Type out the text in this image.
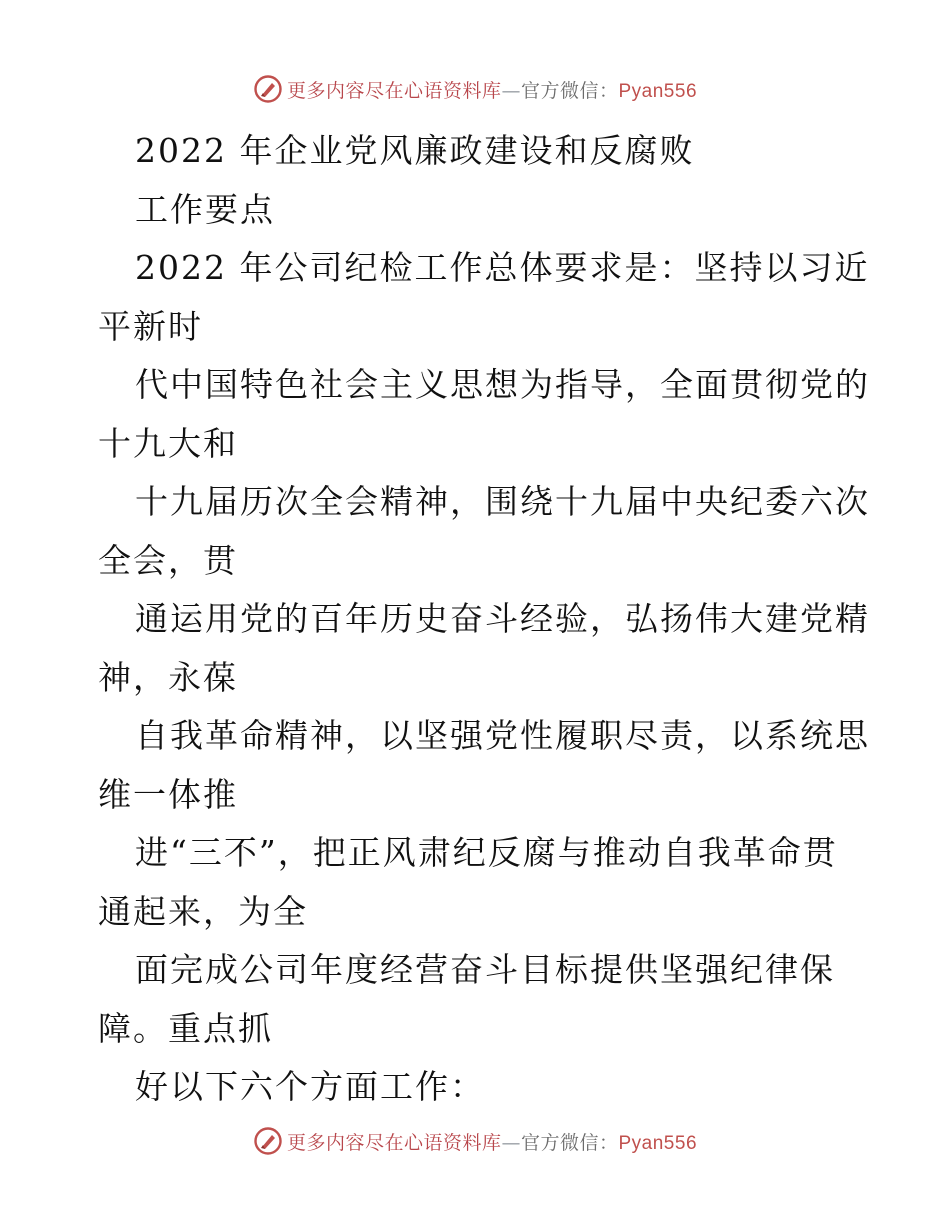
更多内容尽在心语资料库—官方微信：Pyan556
2022 年企业党风廉政建设和反腐败
工作要点
2022 年公司纪检工作总体要求是：坚持以习近
平新时
代中国特色社会主义思想为指导，全面贯彻党的
十九大和
十九届历次全会精神，围绕十九届中央纪委六次
全会，贯
通运用党的百年历史奋斗经验，弘扬伟大建党精
神，永葆
自我革命精神，以坚强党性履职尽责，以系统思
维一体推
进“三不”，把正风肃纪反腐与推动自我革命贯
通起来，为全
面完成公司年度经营奋斗目标提供坚强纪律保
障。重点抓
好以下六个方面工作：
更多内容尽在心语资料库—官方微信：Pyan556
